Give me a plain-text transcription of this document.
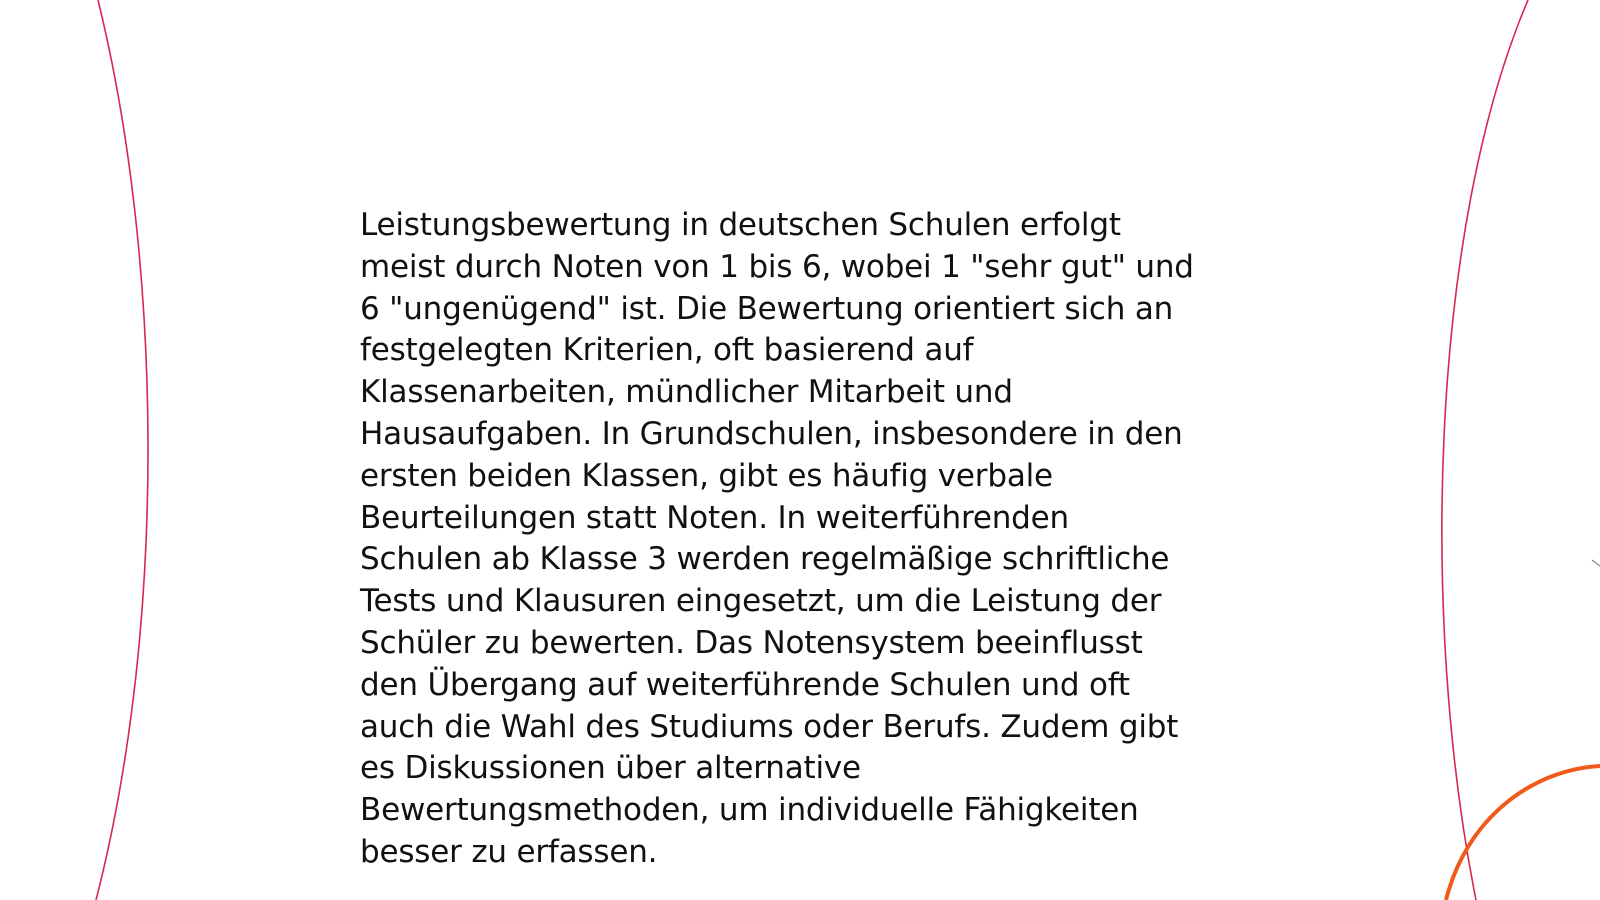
Leistungsbewertung in deutschen Schulen erfolgt
meist durch Noten von 1 bis 6, wobei 1 "sehr gut" und
6 "ungenügend" ist. Die Bewertung orientiert sich an
festgelegten Kriterien, oft basierend auf
Klassenarbeiten, mündlicher Mitarbeit und
Hausaufgaben. In Grundschulen, insbesondere in den
ersten beiden Klassen, gibt es häufig verbale
Beurteilungen statt Noten. In weiterführenden
Schulen ab Klasse 3 werden regelmäßige schriftliche
Tests und Klausuren eingesetzt, um die Leistung der
Schüler zu bewerten. Das Notensystem beeinflusst
den Übergang auf weiterführende Schulen und oft
auch die Wahl des Studiums oder Berufs. Zudem gibt
es Diskussionen über alternative
Bewertungsmethoden, um individuelle Fähigkeiten
besser zu erfassen.
